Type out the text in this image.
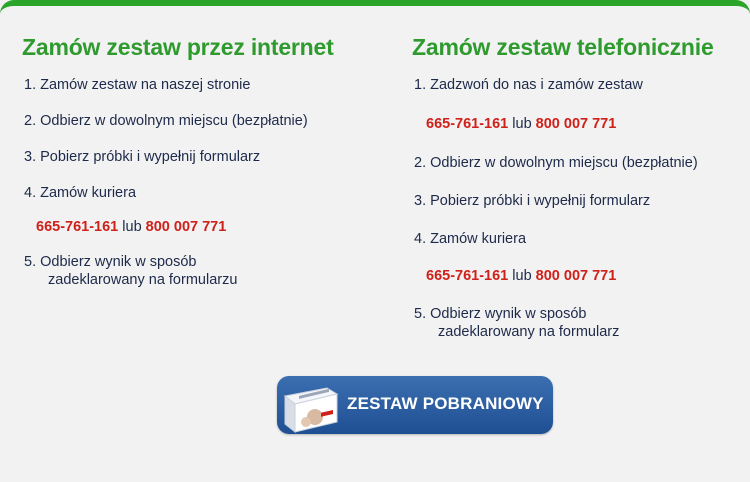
Zamów zestaw przez internet
1. Zamów zestaw na naszej stronie
2. Odbierz w dowolnym miejscu (bezpłatnie)
3. Pobierz próbki i wypełnij formularz
4. Zamów kuriera
665-761-161 lub 800 007 771
5. Odbierz wynik w sposób
zadeklarowany na formularzu
Zamów zestaw telefonicznie
1. Zadzwoń do nas i zamów zestaw
665-761-161 lub 800 007 771
2. Odbierz w dowolnym miejscu (bezpłatnie)
3. Pobierz próbki i wypełnij formularz
4. Zamów kuriera
665-761-161 lub 800 007 771
5. Odbierz wynik w sposób
zadeklarowany na formularz
ZESTAW POBRANIOWY
